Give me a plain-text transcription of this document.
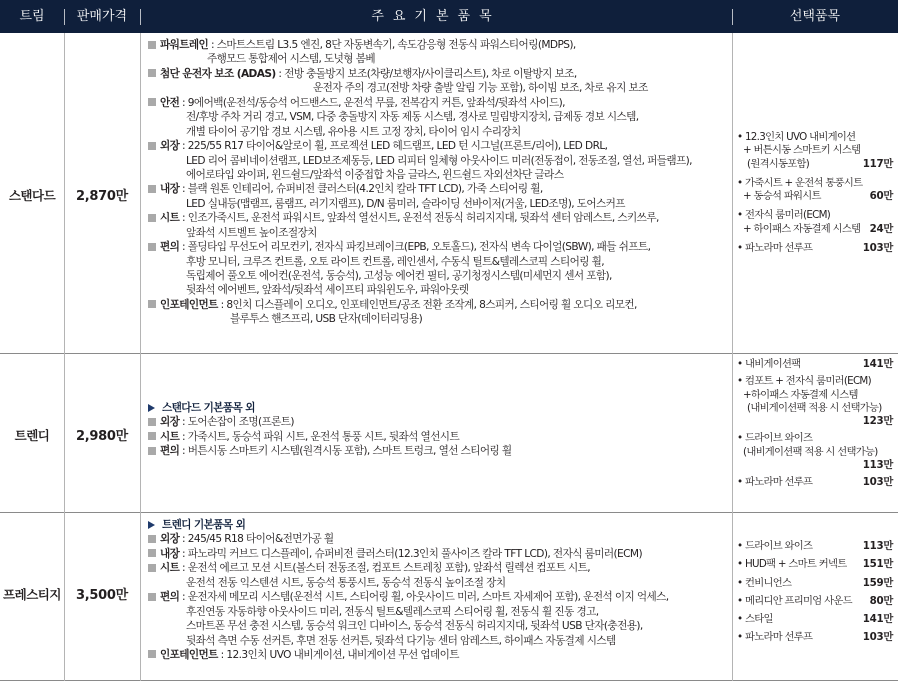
트림	판매가격	주요기본품목	선택품목
스탠다드	2,870만
파워트레인 : 스마트스트림 L3.5 엔진, 8단 자동변속기, 속도감응형 전동식 파워스티어링(MDPS),
주행모드 통합제어 시스템, 도넛형 봄베
첨단 운전자 보조 (ADAS) : 전방 충돌방지 보조(차량/보행자/사이클리스트), 차로 이탈방지 보조,
운전자 주의 경고(전방 차량 출발 알림 기능 포함), 하이빔 보조, 차로 유지 보조
안전 : 9에어백(운전석/동승석 어드밴스드, 운전석 무릎, 전복감지 커튼, 앞좌석/뒷좌석 사이드),
전/후방 주차 거리 경고, VSM, 다중 충돌방지 자동 제동 시스템, 경사로 밀림방지장치, 급제동 경보 시스템,
개별 타이어 공기압 경보 시스템, 유아용 시트 고정 장치, 타이어 임시 수리장치
외장 : 225/55 R17 타이어&알로이 휠, 프로젝션 LED 헤드램프, LED 턴 시그널(프론트/리어), LED DRL,
LED 리어 콤비네이션램프, LED보조제동등, LED 리피터 일체형 아웃사이드 미러(전동접이, 전동조절, 열선, 퍼들램프),
에어로타입 와이퍼, 윈드쉴드/앞좌석 이중접합 차음 글라스, 윈드쉴드 자외선차단 글라스
내장 : 블랙 원톤 인테리어, 슈퍼비전 클러스터(4.2인치 칼라 TFT LCD), 가죽 스티어링 휠,
LED 실내등(맵램프, 룸램프, 러기지램프), D/N 룸미러, 슬라이딩 선바이저(거울, LED조명), 도어스커프
시트 : 인조가죽시트, 운전석 파워시트, 앞좌석 열선시트, 운전석 전동식 허리지지대, 뒷좌석 센터 암레스트, 스키쓰루,
앞좌석 시트벨트 높이조절장치
편의 : 폴딩타입 무선도어 리모컨키, 전자식 파킹브레이크(EPB, 오토홀드), 전자식 변속 다이얼(SBW), 패들 쉬프트,
후방 모니터, 크루즈 컨트롤, 오토 라이트 컨트롤, 레인센서, 수동식 틸트&텔레스코픽 스티어링 휠,
독립제어 풀오토 에어컨(운전석, 동승석), 고성능 에어컨 필터, 공기청정시스템(미세먼지 센서 포함),
뒷좌석 에어벤트, 앞좌석/뒷좌석 세이프티 파워윈도우, 파워아웃렛
인포테인먼트 : 8인치 디스플레이 오디오, 인포테인먼트/공조 전환 조작계, 8스피커, 스티어링 휠 오디오 리모컨,
블루투스 핸즈프리, USB 단자(데이터리딩용)
• 12.3인치 UVO 내비게이션
+ 버튼시동 스마트키 시스템
(원격시동포함)	117만
• 가죽시트 + 운전석 통풍시트
+ 동승석 파워시트	60만
• 전자식 룸미러(ECM)
+ 하이패스 자동결제 시스템 24만
• 파노라마 선루프	103만
트렌디	2,980만
스탠다드 기본품목 외
외장 : 도어손잡이 조명(프론트)
시트 : 가죽시트, 동승석 파워 시트, 운전석 통풍 시트, 뒷좌석 열선시트
편의 : 버튼시동 스마트키 시스템(원격시동 포함), 스마트 트렁크, 열선 스티어링 휠
• 내비게이션팩	141만
• 컴포트 + 전자식 룸미러(ECM)
+하이패스 자동결제 시스템
(내비게이션팩 적용 시 선택가능)
123만
• 드라이브 와이즈
(내비게이션팩 적용 시 선택가능)
113만
• 파노라마 선루프	103만
프레스티지	3,500만
트렌디 기본품목 외
외장 : 245/45 R18 타이어&전면가공 휠
내장 : 파노라믹 커브드 디스플레이, 슈퍼비전 클러스터(12.3인치 풀사이즈 칼라 TFT LCD), 전자식 룸미러(ECM)
시트 : 운전석 에르고 모션 시트(볼스터 전동조절, 컴포트 스트레칭 포함), 앞좌석 릴렉션 컴포트 시트,
운전석 전동 익스텐션 시트, 동승석 통풍시트, 동승석 전동식 높이조절 장치
편의 : 운전자세 메모리 시스템(운전석 시트, 스티어링 휠, 아웃사이드 미러, 스마트 자세제어 포함), 운전석 이지 억세스,
후진연동 자동하향 아웃사이드 미러, 전동식 틸트&텔레스코픽 스티어링 휠, 전동식 휠 진동 경고,
스마트폰 무선 충전 시스템, 동승석 워크인 디바이스, 동승석 전동식 허리지지대, 뒷좌석 USB 단자(충전용),
뒷좌석 측면 수동 선커튼, 후면 전동 선커튼, 뒷좌석 다기능 센터 암레스트, 하이패스 자동결제 시스템
인포테인먼트 : 12.3인치 UVO 내비게이션, 내비게이션 무선 업데이트
• 드라이브 와이즈	113만
• HUD팩 + 스마트 커넥트 151만
• 컨비니언스	159만
• 메리디안 프리미엄 사운드 80만
• 스타일	141만
• 파노라마 선루프	103만
